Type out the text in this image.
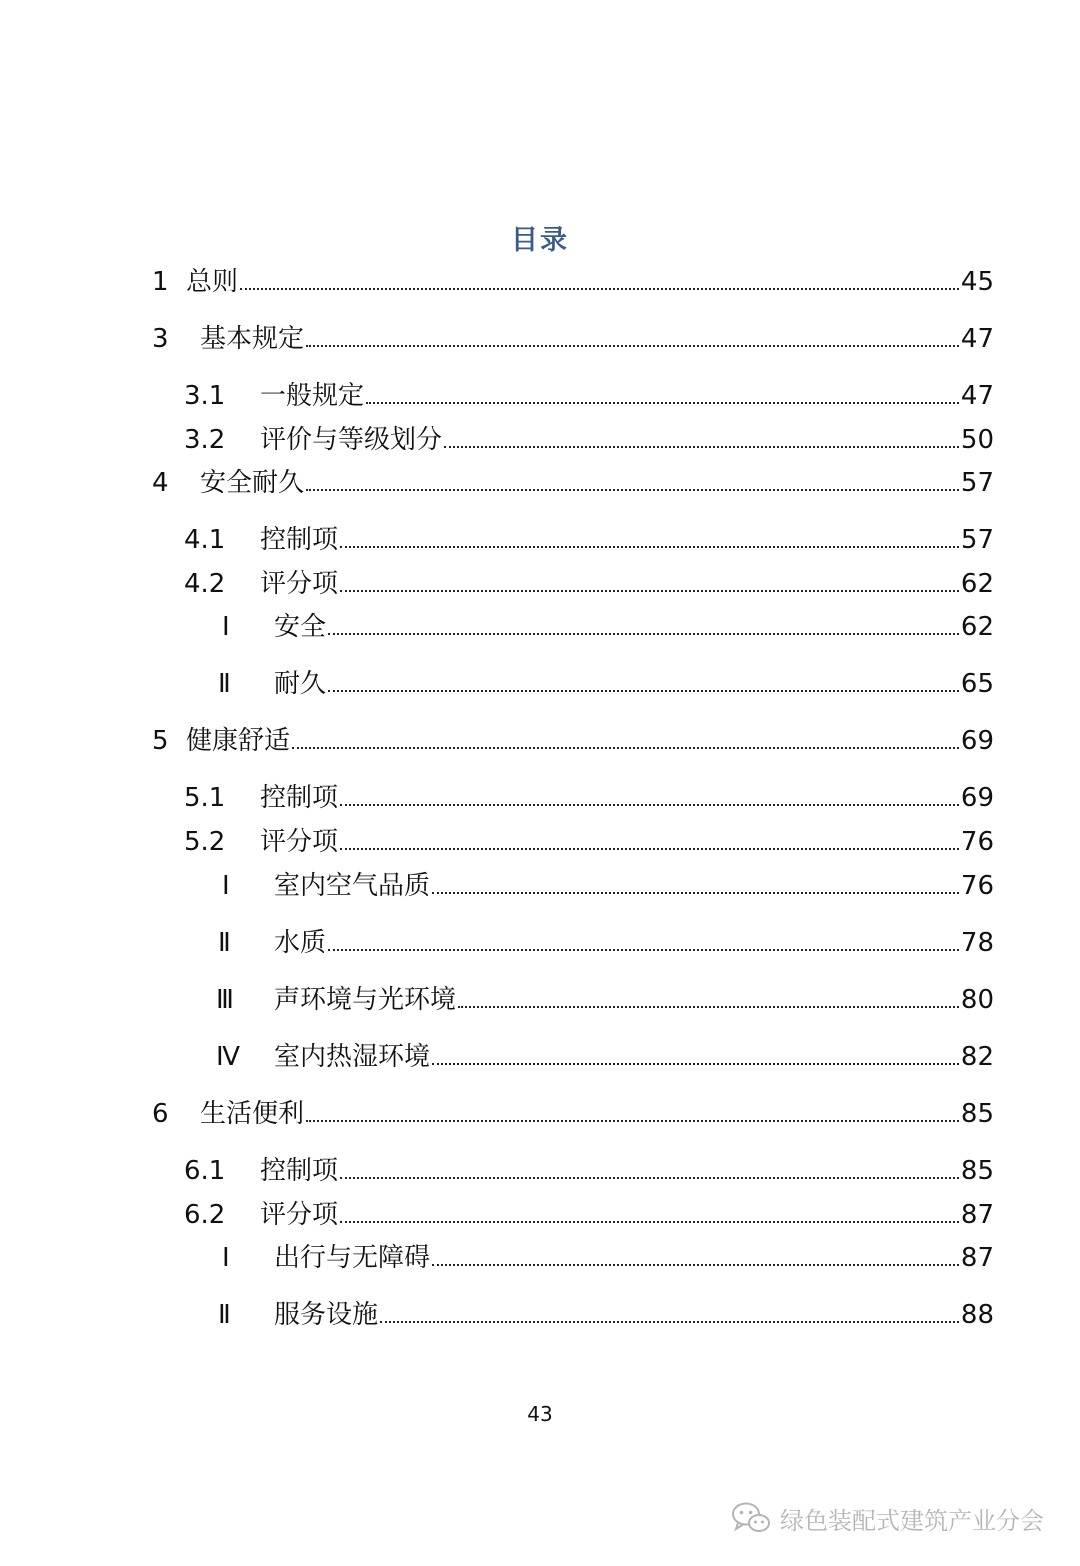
目录
1 总则	45
3	基本规定	47
3.1	一般规定	47
3.2	评价与等级划分	50
4	安全耐久	57
4.1	控制项	57
4.2	评分项	62
Ⅰ	安全	62
Ⅱ	耐久	65
5 健康舒适	69
5.1	控制项	69
5.2	评分项	76
Ⅰ	室内空气品质	76
Ⅱ	水质	78
Ⅲ	声环境与光环境	80
Ⅳ	室内热湿环境	82
6	生活便利	85
6.1	控制项	85
6.2	评分项	87
Ⅰ	出行与无障碍	87
Ⅱ	服务设施	88
43
绿色装配式建筑产业分会
